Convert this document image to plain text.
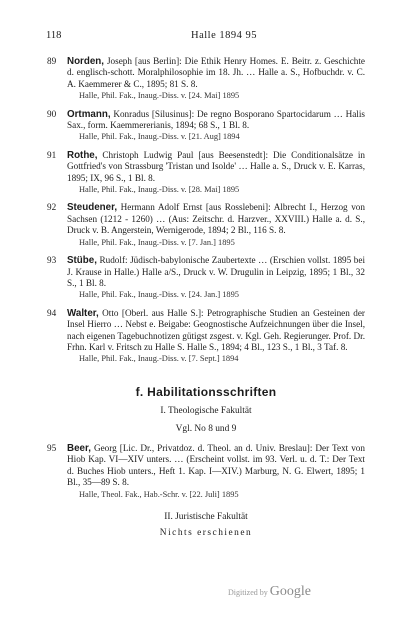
118	Halle 1894 95
89 Norden, Joseph [aus Berlin]: Die Ethik Henry Homes. E. Beitr. z. Geschichte d. englisch-schott. Moralphilosophie im 18. Jh. … Halle a. S., Hofbuchdr. v. C. A. Kaemmerer & C., 1895; 81 S. 8.
Halle, Phil. Fak., Inaug.-Diss. v. [24. Mai] 1895
90 Ortmann, Konradus [Silusinus]: De regno Bosporano Spartocidarum … Halis Sax., form. Kaemmererianis, 1894; 68 S., 1 Bl. 8.
Halle, Phil. Fak., Inaug.-Diss. v. [21. Aug] 1894
91 Rothe, Christoph Ludwig Paul [aus Beesenstedt]: Die Conditionalsätze in Gottfried's von Strassburg 'Tristan und Isolde' … Halle a. S., Druck v. E. Karras, 1895; IX, 96 S., 1 Bl. 8.
Halle, Phil. Fak., Inaug.-Diss. v. [28. Mai] 1895
92 Steudener, Hermann Adolf Ernst [aus Rosslebeni]: Albrecht I., Herzog von Sachsen (1212 - 1260) … (Aus: Zeitschr. d. Harzver., XXVIII.) Halle a. d. S., Druck v. B. Angerstein, Wernigerode, 1894; 2 Bl., 116 S. 8.
Halle, Phil. Fak., Inaug.-Diss. v. [7. Jan.] 1895
93 Stübe, Rudolf: Jüdisch-babylonische Zaubertexte … (Erschien vollst. 1895 bei J. Krause in Halle.) Halle a/S., Druck v. W. Drugulin in Leipzig, 1895; 1 Bl., 32 S., 1 Bl. 8.
Halle, Phil. Fak., Inaug.-Diss. v. [24. Jan.] 1895
94 Walter, Otto [Oberl. aus Halle S.]: Petrographische Studien an Gesteinen der Insel Hierro … Nebst e. Beigabe: Geognostische Aufzeichnungen über die Insel, nach eigenen Tagebuchnotizen gütigst zsgest. v. Kgl. Geh. Regierunger. Prof. Dr. Frhn. Karl v. Fritsch zu Halle S. Halle S., 1894; 4 Bl., 123 S., 1 Bl., 3 Taf. 8.
Halle, Phil. Fak., Inaug.-Diss. v. [7. Sept.] 1894
f. Habilitationsschriften
I. Theologische Fakultät
Vgl. No 8 und 9
95 Beer, Georg [Lic. Dr., Privatdoz. d. Theol. an d. Univ. Breslau]: Der Text von Hiob Kap. VI—XIV unters. … (Erscheint vollst. im 93. Verl. u. d. T.: Der Text d. Buches Hiob unters., Heft 1. Kap. I—XIV.) Marburg, N. G. Elwert, 1895; 1 Bl., 35—89 S. 8.
Halle, Theol. Fak., Hab.-Schr. v. [22. Juli] 1895
II. Juristische Fakultät
Nichts erschienen
Digitized by Google
